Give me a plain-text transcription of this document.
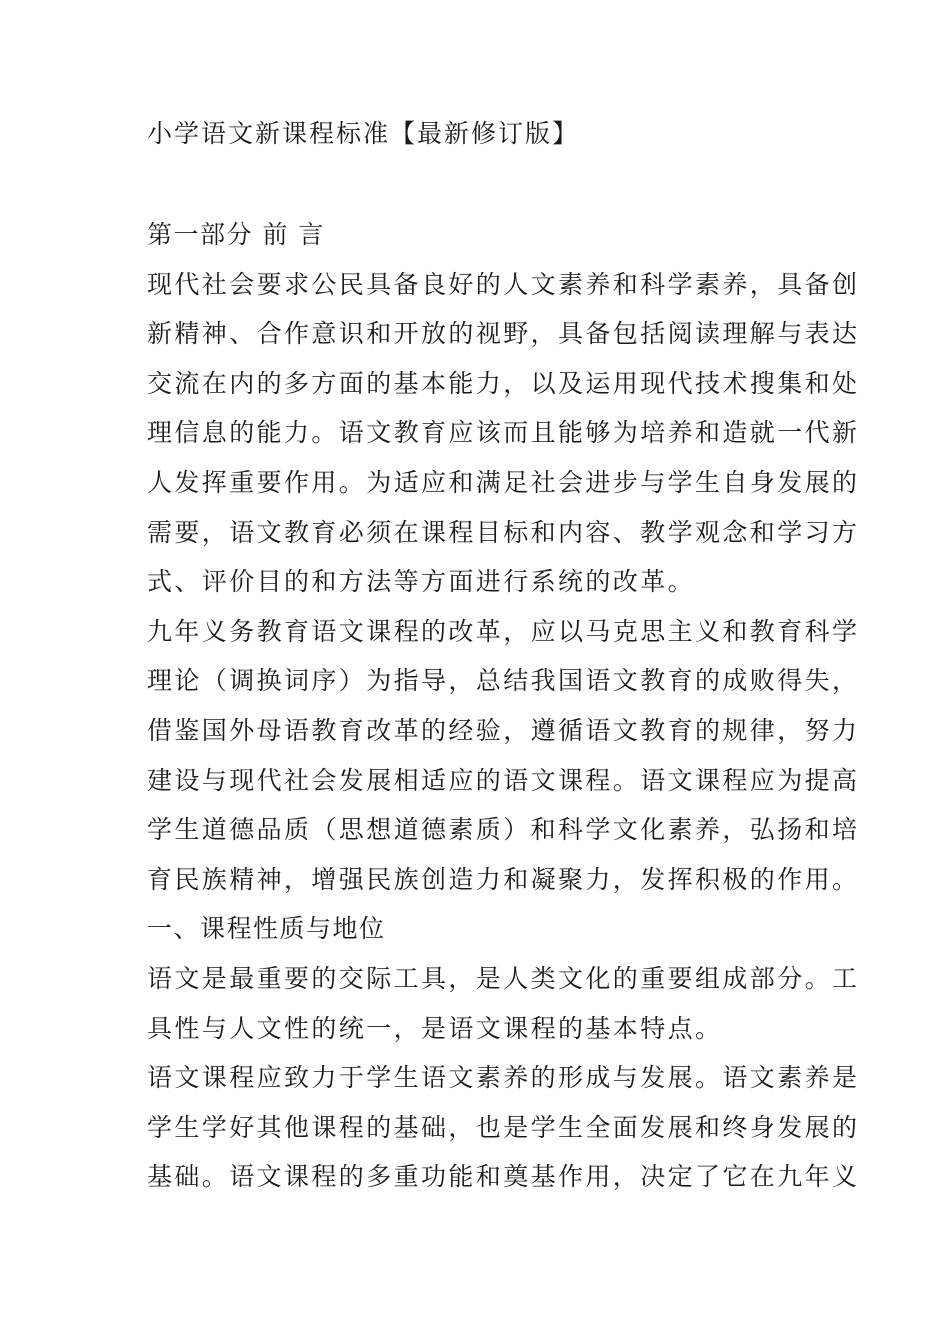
小学语文新课程标准【最新修订版】
第一部分 前 言
现代社会要求公民具备良好的人文素养和科学素养，具备创
新精神、合作意识和开放的视野，具备包括阅读理解与表达
交流在内的多方面的基本能力，以及运用现代技术搜集和处
理信息的能力。语文教育应该而且能够为培养和造就一代新
人发挥重要作用。为适应和满足社会进步与学生自身发展的
需要，语文教育必须在课程目标和内容、教学观念和学习方
式、评价目的和方法等方面进行系统的改革。
九年义务教育语文课程的改革，应以马克思主义和教育科学
理论（调换词序）为指导，总结我国语文教育的成败得失，
借鉴国外母语教育改革的经验，遵循语文教育的规律，努力
建设与现代社会发展相适应的语文课程。语文课程应为提高
学生道德品质（思想道德素质）和科学文化素养，弘扬和培
育民族精神，增强民族创造力和凝聚力，发挥积极的作用。
一、课程性质与地位
语文是最重要的交际工具，是人类文化的重要组成部分。工
具性与人文性的统一，是语文课程的基本特点。
语文课程应致力于学生语文素养的形成与发展。语文素养是
学生学好其他课程的基础，也是学生全面发展和终身发展的
基础。语文课程的多重功能和奠基作用，决定了它在九年义
